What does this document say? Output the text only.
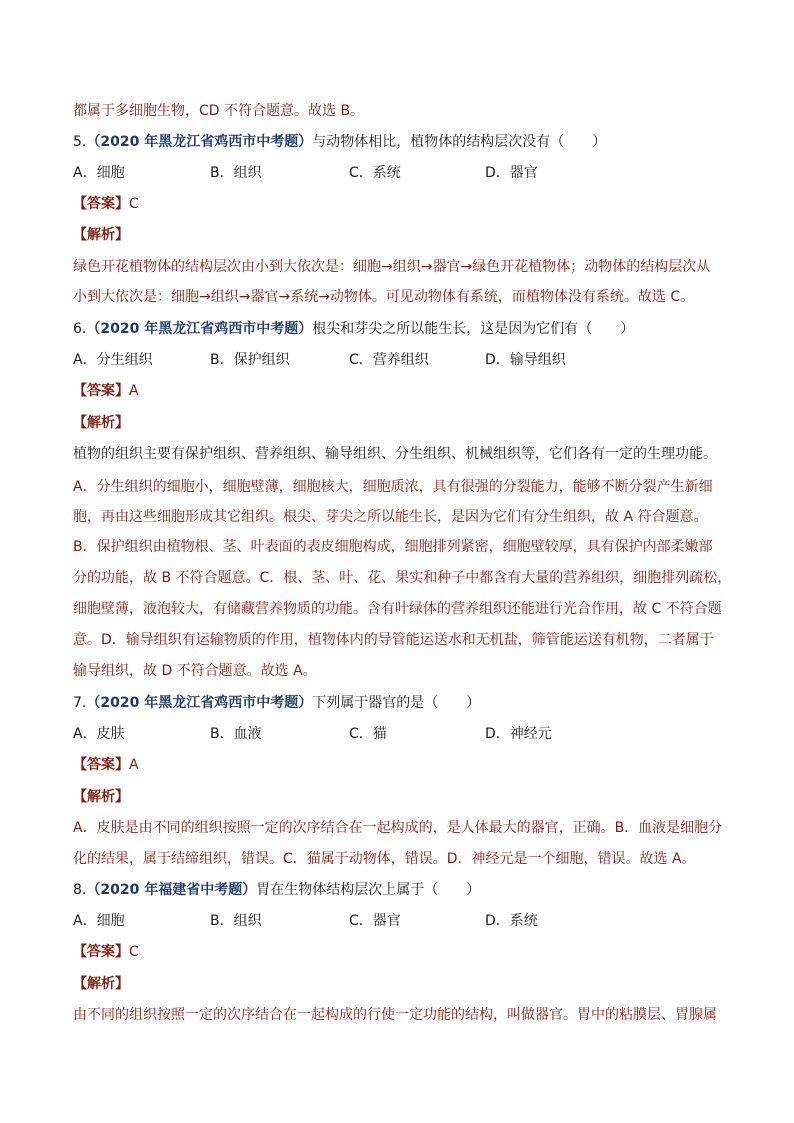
都属于多细胞生物，CD 不符合题意。故选 B。
5.（2020 年黑龙江省鸡西市中考题）与动物体相比，植物体的结构层次没有（　　）
A．细胞	B．组织	C．系统	D．器官
【答案】C
【解析】
绿色开花植物体的结构层次由小到大依次是：细胞→组织→器官→绿色开花植物体；动物体的结构层次从
小到大依次是：细胞→组织→器官→系统→动物体。可见动物体有系统，而植物体没有系统。故选 C。
6.（2020 年黑龙江省鸡西市中考题）根尖和芽尖之所以能生长，这是因为它们有（　　）
A．分生组织	B．保护组织	C．营养组织	D．输导组织
【答案】A
【解析】
植物的组织主要有保护组织、营养组织、输导组织、分生组织、机械组织等，它们各有一定的生理功能。
A．分生组织的细胞小，细胞壁薄，细胞核大，细胞质浓，具有很强的分裂能力，能够不断分裂产生新细
胞，再由这些细胞形成其它组织。根尖、芽尖之所以能生长，是因为它们有分生组织，故 A 符合题意。
B．保护组织由植物根、茎、叶表面的表皮细胞构成，细胞排列紧密，细胞壁较厚，具有保护内部柔嫩部
分的功能，故 B 不符合题意。C．根、茎、叶、花、果实和种子中都含有大量的营养组织，细胞排列疏松，
细胞壁薄，液泡较大，有储藏营养物质的功能。含有叶绿体的营养组织还能进行光合作用，故 C 不符合题
意。D．输导组织有运输物质的作用，植物体内的导管能运送水和无机盐，筛管能运送有机物，二者属于
输导组织，故 D 不符合题意。故选 A。
7.（2020 年黑龙江省鸡西市中考题）下列属于器官的是（　　）
A．皮肤	B．血液	C．猫	D．神经元
【答案】A
【解析】
A．皮肤是由不同的组织按照一定的次序结合在一起构成的，是人体最大的器官，正确。B．血液是细胞分
化的结果，属于结缔组织，错误。C．猫属于动物体，错误。D．神经元是一个细胞，错误。故选 A。
8.（2020 年福建省中考题）胃在生物体结构层次上属于（　　）
A．细胞	B．组织	C．器官	D．系统
【答案】C
【解析】
由不同的组织按照一定的次序结合在一起构成的行使一定功能的结构，叫做器官。胃中的粘膜层、胃腺属
